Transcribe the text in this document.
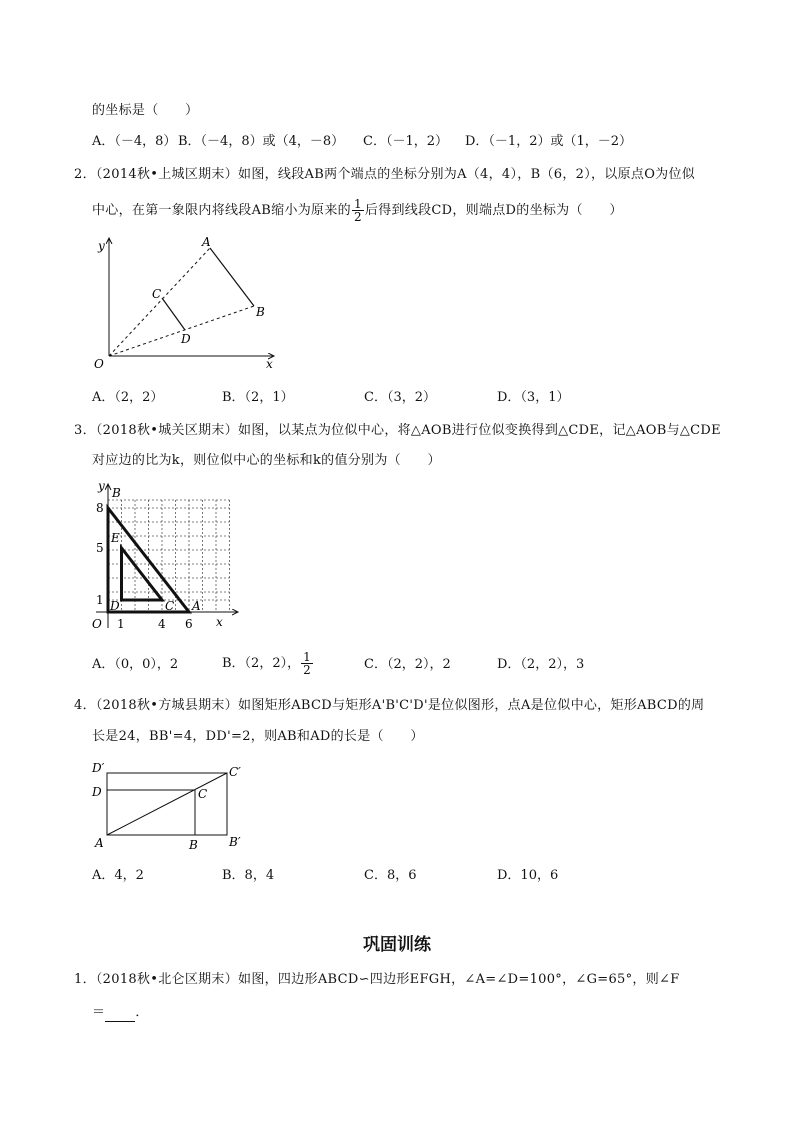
的坐标是（　　）
A．（－4，8） B．（－4，8）或（4，－8） C．（－1，2） D．（－1，2）或（1，－2）
2．（2014秋•上城区期末）如图，线段AB两个端点的坐标分别为A（4，4），B（6，2），以原点O为位似
中心，在第一象限内将线段AB缩小为原来的 $\frac{1}{2}$ 后得到线段CD，则端点D的坐标为（　　）
y
x
O
A
B
C
D
A．（2，2）	B．（2，1）	C．（3，2）	D．（3，1）
3．（2018秋•城关区期末）如图，以某点为位似中心，将△AOB进行位似变换得到△CDE，记△AOB与△CDE
对应边的比为k，则位似中心的坐标和k的值分别为（　　）
y
x
O
B
E
D	C A
8
5
1
1	4 6
A．（0，0），2	B．（2，2）， $\frac{1}{2}$	C．（2，2），2	D．（2，2），3
4．（2018秋•方城县期末）如图矩形ABCD与矩形A'B'C'D'是位似图形，点A是位似中心，矩形ABCD的周
长是24，BB'=4，DD'=2，则AB和AD的长是（　　）
D′	C′
D	C
A	B	B′
A．4，2	B．8，4	C．8，6	D．10，6
巩固训练
1．（2018秋•北仑区期末）如图，四边形ABCD∽四边形EFGH，∠A=∠D=100°，∠G=65°，则∠F
＝ ．
